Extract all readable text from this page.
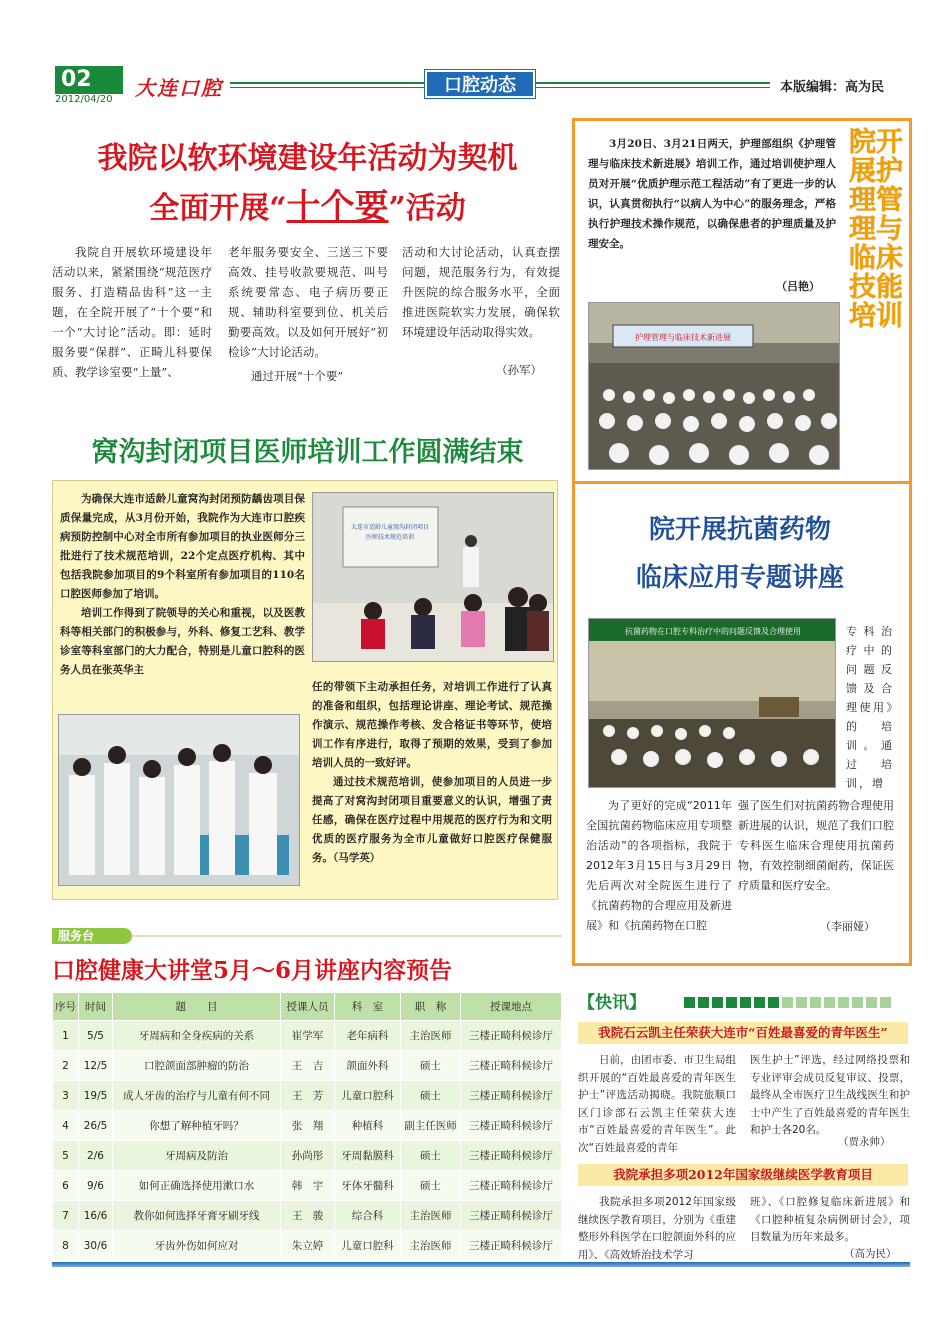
02
2012/04/20	大连口腔	口腔动态	本版编辑：高为民
我院以软环境建设年活动为契机
全面开展“十个要”活动

我院自开展软环境建设年活动以来，紧紧围绕“规范医疗服务、打造精品齿科”这一主题，在全院开展了“十个要”和一个“大讨论”活动。即：延时服务要“保群”、正畸儿科要保质、教学诊室要“上量”、

老年服务要安全、三送三下要高效、挂号收款要规范、叫号系统要常态、电子病历要正规、辅助科室要到位、机关后勤要高效。以及如何开展好“初检诊”大讨论活动。

通过开展“十个要”

活动和大讨论活动，认真查摆问题，规范服务行为，有效提升医院的综合服务水平，全面推进医院软实力发展，确保软环境建设年活动取得实效。
（孙军）
窝沟封闭项目医师培训工作圆满结束

为确保大连市适龄儿童窝沟封闭预防龋齿项目保质保量完成，从3月份开始，我院作为大连市口腔疾病预防控制中心对全市所有参加项目的执业医师分三批进行了技术规范培训，22个定点医疗机构、其中包括我院参加项目的9个科室所有参加项目的110名口腔医师参加了培训。

培训工作得到了院领导的关心和重视，以及医教科等相关部门的积极参与，外科、修复工艺科、教学诊室等科室部门的大力配合，特别是儿童口腔科的医务人员在张英华主

大连市适龄儿童窝沟封闭项目
医师技术规范培训
任的带领下主动承担任务，对培训工作进行了认真的准备和组织，包括理论讲座、理论考试、规范操作演示、规范操作考核、发合格证书等环节，使培训工作有序进行，取得了预期的效果，受到了参加培训人员的一致好评。

通过技术规范培训，使参加项目的人员进一步提高了对窝沟封闭项目重要意义的认识，增强了责任感，确保在医疗过程中用规范的医疗行为和文明优质的医疗服务为全市儿童做好口腔医疗保健服务。（马学英）

院开展护理管理与临床技能培训

3月20日、3月21日两天，护理部组织《护理管理与临床技术新进展》培训工作，通过培训使护理人员对开展“优质护理示范工程活动”有了更进一步的认识，认真贯彻执行“以病人为中心”的服务理念，严格执行护理技术操作规范，以确保患者的护理质量及护理安全。

（吕艳）
护理管理与临床技术新进展
院开展抗菌药物
临床应用专题讲座
抗菌药物在口腔专科治疗中的问题反馈及合理使用	专科治疗中的问题反馈及合理使用》的培训。通过培训，增

为了更好的完成“2011年全国抗菌药物临床应用专项整治活动”的各项指标，我院于2012年3月15日与3月29日先后两次对全院医生进行了《抗菌药物的合理应用及新进展》和《抗菌药物在口腔

强了医生们对抗菌药物合理使用新进展的认识，规范了我们口腔专科医生临床合理使用抗菌药物，有效控制细菌耐药，保证医疗质量和医疗安全。
（李丽娅）
服务台
口腔健康大讲堂5月～6月讲座内容预告
序号	时间	题　　目	授课人员	科　室	职　称	授课地点
1	5/5	牙周病和全身疾病的关系	崔学军	老年病科	主治医师	三楼正畸科候诊厅
2	12/5	口腔颌面部肿瘤的防治	王　吉	颌面外科	硕士	三楼正畸科候诊厅
3	19/5	成人牙齿的治疗与儿童有何不同	王　芳	儿童口腔科	硕士	三楼正畸科候诊厅
4	26/5	你想了解种植牙吗？	张　翔	种植科	副主任医师	三楼正畸科候诊厅
5	2/6	牙周病及防治	孙尚彤	牙周黏膜科	硕士	三楼正畸科候诊厅
6	9/6	如何正确选择使用漱口水	韩　宇	牙体牙髓科	硕士	三楼正畸科候诊厅
7	16/6	教你如何选择牙膏牙刷牙线	王　骏	综合科	主治医师	三楼正畸科候诊厅
8	30/6	牙齿外伤如何应对	朱立婷	儿童口腔科	主治医师	三楼正畸科候诊厅
【快讯】
我院石云凯主任荣获大连市“百姓最喜爱的青年医生”

日前，由团市委、市卫生局组织开展的“百姓最喜爱的青年医生护士”评选活动揭晓。我院旅顺口区门诊部石云凯主任荣获大连市“百姓最喜爱的青年医生”。此次“百姓最喜爱的青年

医生护士”评选，经过网络投票和专业评审会成员反复审议、投票，最终从全市医疗卫生战线医生和护士中产生了百姓最喜爱的青年医生和护士各20名。
（贾永帅）
我院承担多项2012年国家级继续医学教育项目

我院承担多项2012年国家级继续医学教育项目，分别为《重建整形外科医学在口腔颌面外科的应用》、《高效矫治技术学习

班》、《口腔修复临床新进展》和《口腔种植复杂病例研讨会》，项目数量为历年来最多。
（高为民）
